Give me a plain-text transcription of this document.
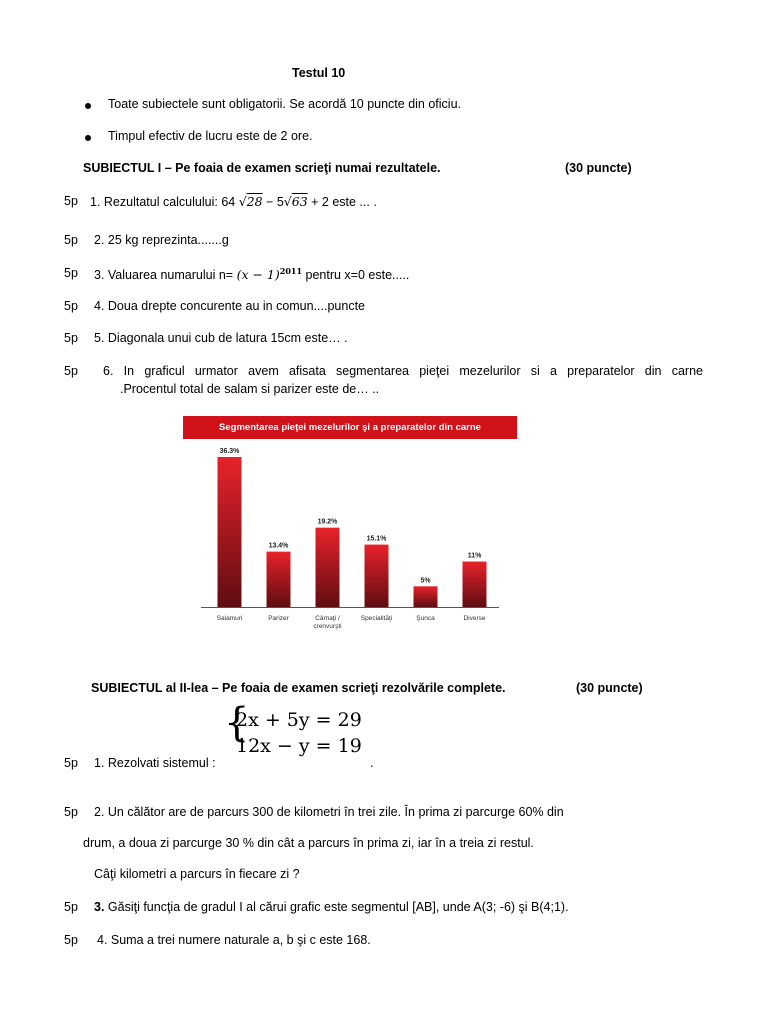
Testul 10
Toate subiectele sunt obligatorii. Se acordă 10 puncte din oficiu.
Timpul efectiv de lucru este de 2 ore.
SUBIECTUL I – Pe foaia de examen scrieţi numai rezultatele.	(30 puncte)
5p 1. Rezultatul calculului: 64 √28 − 5√63 + 2 este ... .
5p 2. 25 kg reprezinta.......g
5p 3. Valuarea numarului $n= (x - 1)^{2011}$ pentru x=0 este.....
5p 4. Doua drepte concurente au in comun....puncte
5p 5. Diagonala unui cub de latura 15cm este… .
5p 6. In graficul urmator avem afisata segmentarea pieţei mezelurilor si a preparatelor din carne
.Procentul total de salam si parizer este de… ..
36.3%
Salamuri
13.4%
Parizer
19.2%
Cârnaţi /
crenvurşti
15.1%
Specialităţi
5%
Şunca
11%
Diverse
Segmentarea pieţei mezelurilor şi a preparatelor din carne
SUBIECTUL al II-lea – Pe foaia de examen scrieţi rezolvările complete.	(30 puncte)
{
2x + 5y = 29
12x − y = 19
5p 1. Rezolvati sistemul :	.
5p 2. Un călător are de parcurs 300 de kilometri în trei zile. În prima zi parcurge 60% din
drum, a doua zi parcurge 30 % din cât a parcurs în prima zi, iar în a treia zi restul.
Câţi kilometri a parcurs în fiecare zi ?
5p 3. Găsiţi funcţia de gradul I al cărui grafic este segmentul [AB], unde A(3; -6) şi B(4;1).
5p 4. Suma a trei numere naturale a, b şi c este 168.
